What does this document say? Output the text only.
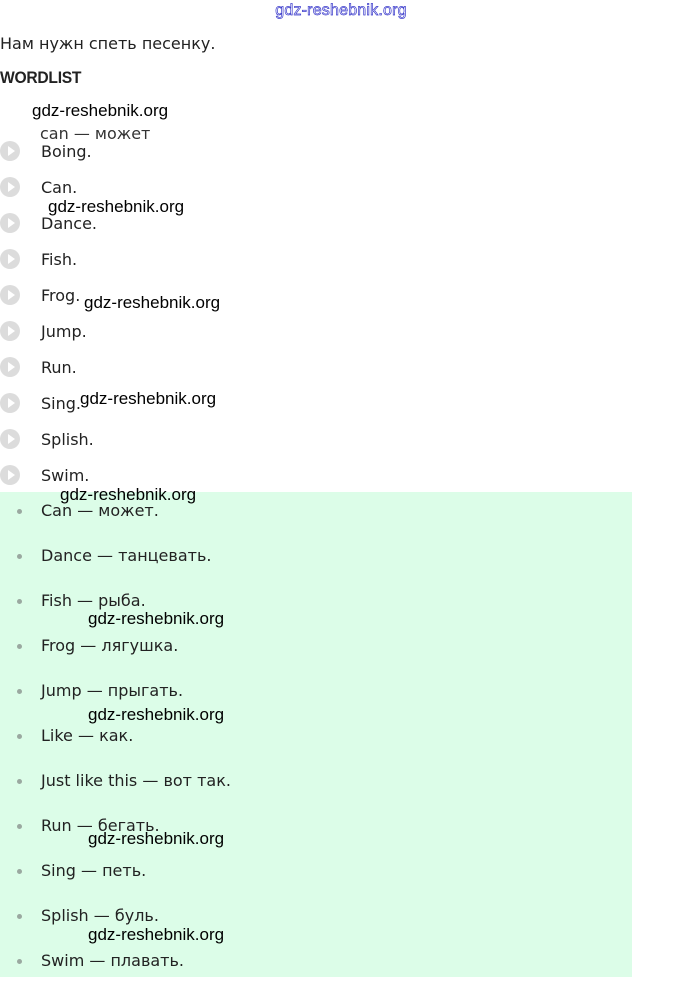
gdz-reshebnik.org
Нам нужн спеть песенку.
WORDLIST
can — может
Boing.
Can.
Dance.
Fish.
Frog.
Jump.
Run.
Sing.
Splish.
Swim.
Can — может.
Dance — танцевать.
Fish — рыба.
Frog — лягушка.
Jump — прыгать.
Like — как.
Just like this — вот так.
Run — бегать.
Sing — петь.
Splish — буль.
Swim — плавать.
gdz-reshebnik.org
gdz-reshebnik.org
gdz-reshebnik.org
gdz-reshebnik.org
gdz-reshebnik.org
gdz-reshebnik.org
gdz-reshebnik.org
gdz-reshebnik.org
gdz-reshebnik.org
